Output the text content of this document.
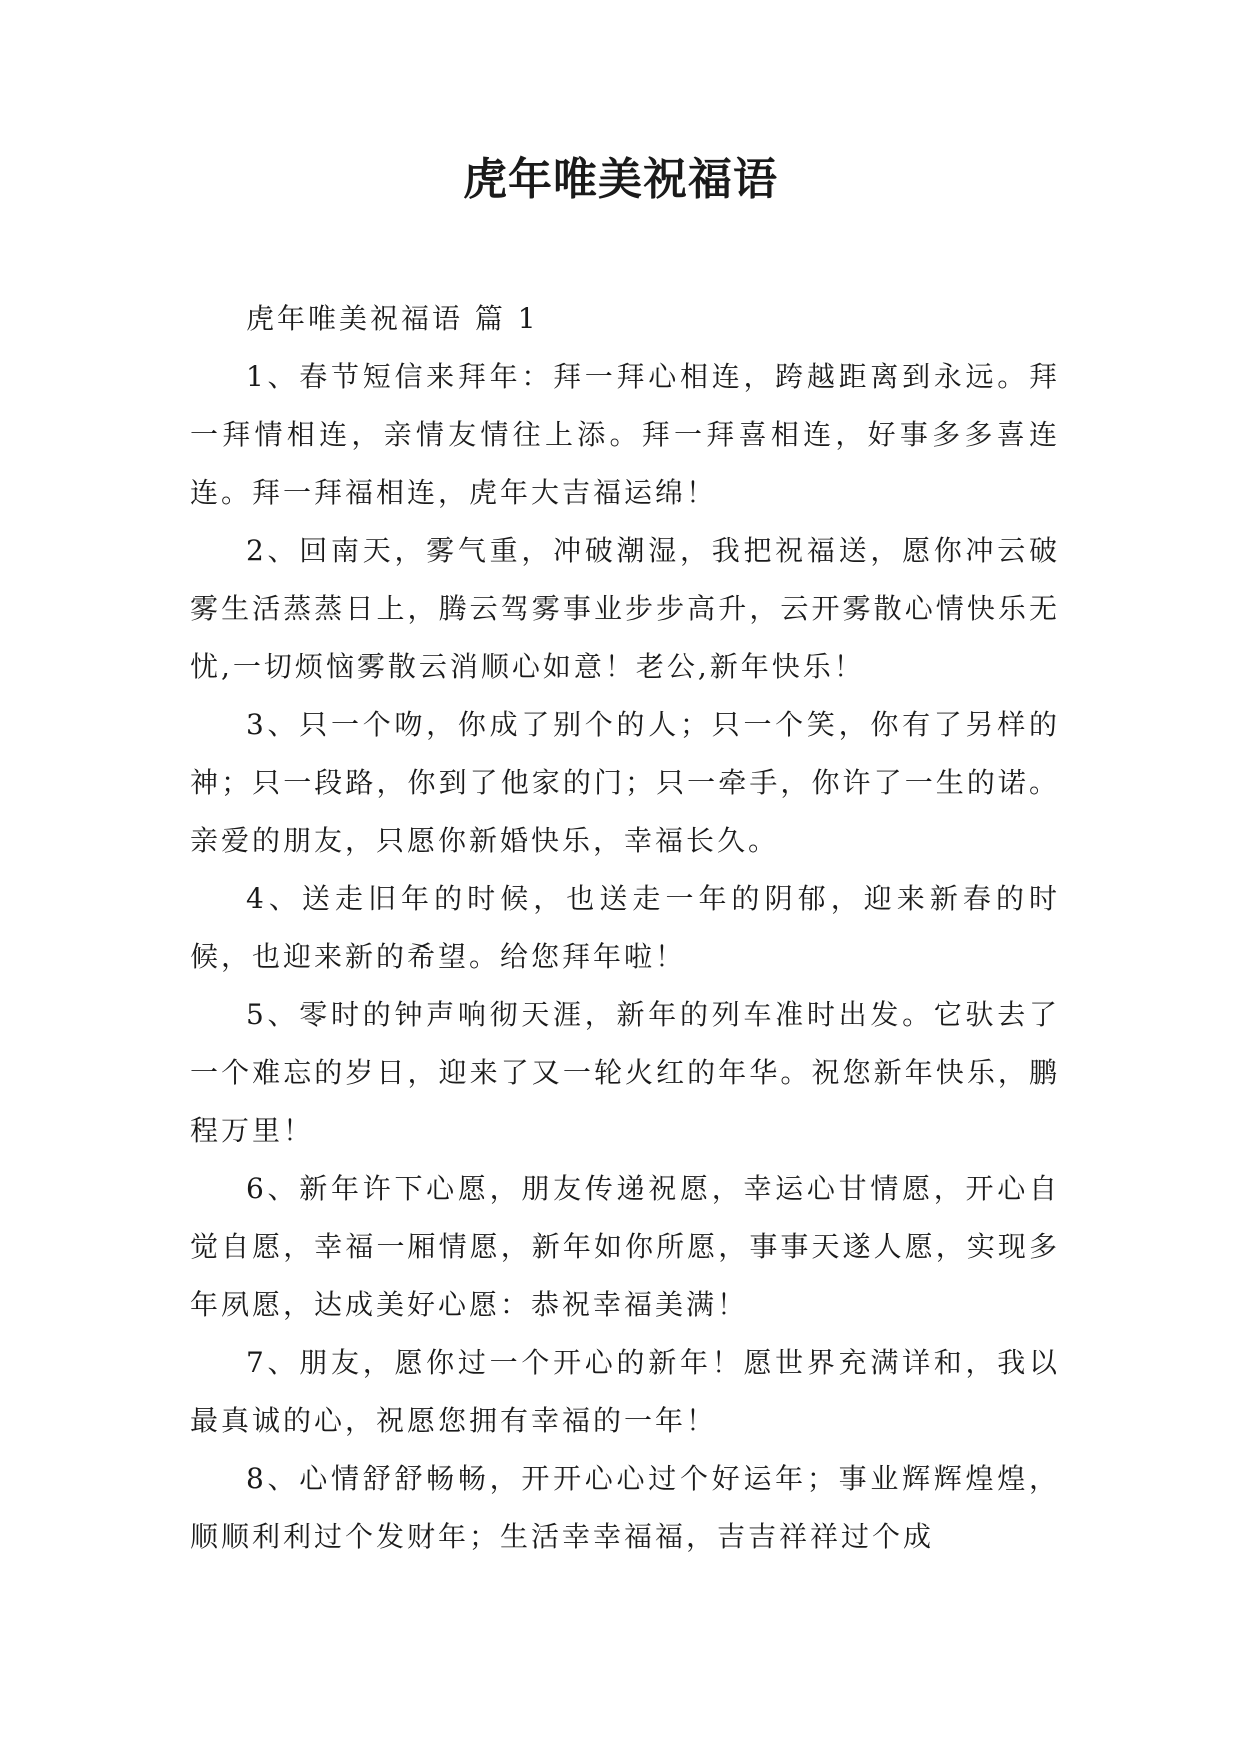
虎年唯美祝福语

虎年唯美祝福语 篇 1

1、春节短信来拜年：拜一拜心相连，跨越距离到永远。拜一拜情相连，亲情友情往上添。拜一拜喜相连，好事多多喜连连。拜一拜福相连，虎年大吉福运绵！

2、回南天，雾气重，冲破潮湿，我把祝福送，愿你冲云破雾生活蒸蒸日上，腾云驾雾事业步步高升，云开雾散心情快乐无忧,一切烦恼雾散云消顺心如意！老公,新年快乐！

3、只一个吻，你成了别个的人；只一个笑，你有了另样的神；只一段路，你到了他家的门；只一牵手，你许了一生的诺。亲爱的朋友，只愿你新婚快乐，幸福长久。

4、送走旧年的时候，也送走一年的阴郁，迎来新春的时候，也迎来新的希望。给您拜年啦！

5、零时的钟声响彻天涯，新年的列车准时出发。它驮去了一个难忘的岁日，迎来了又一轮火红的年华。祝您新年快乐，鹏程万里！

6、新年许下心愿，朋友传递祝愿，幸运心甘情愿，开心自觉自愿，幸福一厢情愿，新年如你所愿，事事天遂人愿，实现多年夙愿，达成美好心愿：恭祝幸福美满！

7、朋友，愿你过一个开心的新年！愿世界充满详和，我以最真诚的心，祝愿您拥有幸福的一年！

8、心情舒舒畅畅，开开心心过个好运年；事业辉辉煌煌，顺顺利利过个发财年；生活幸幸福福，吉吉祥祥过个成
